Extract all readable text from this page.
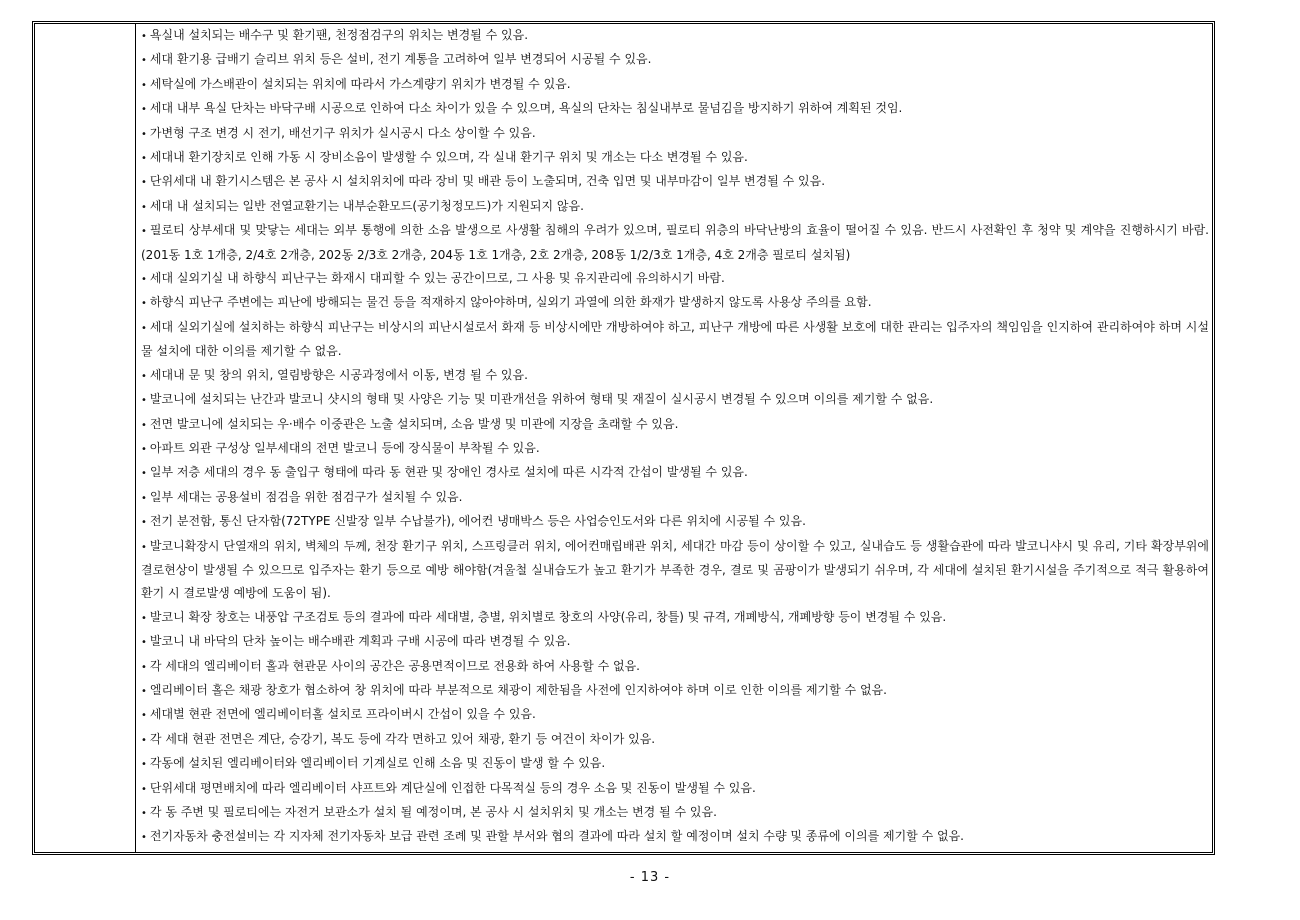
• 욕실내 설치되는 배수구 및 환기팬, 천정점검구의 위치는 변경될 수 있음.
• 세대 환기용 급배기 슬리브 위치 등은 설비, 전기 계통을 고려하여 일부 변경되어 시공될 수 있음.
• 세탁실에 가스배관이 설치되는 위치에 따라서 가스계량기 위치가 변경될 수 있음.
• 세대 내부 욕실 단차는 바닥구배 시공으로 인하여 다소 차이가 있을 수 있으며, 욕실의 단차는 침실내부로 물넘김을 방지하기 위하여 계획된 것임.
• 가변형 구조 변경 시 전기, 배선기구 위치가 실시공시 다소 상이할 수 있음.
• 세대내 환기장치로 인해 가동 시 장비소음이 발생할 수 있으며, 각 실내 환기구 위치 및 개소는 다소 변경될 수 있음.
• 단위세대 내 환기시스템은 본 공사 시 설치위치에 따라 장비 및 배관 등이 노출되며, 건축 입면 및 내부마감이 일부 변경될 수 있음.
• 세대 내 설치되는 일반 전열교환기는 내부순환모드(공기청정모드)가 지원되지 않음.
• 필로티 상부세대 및 맞닿는 세대는 외부 통행에 의한 소음 발생으로 사생활 침해의 우려가 있으며, 필로티 위층의 바닥난방의 효율이 떨어질 수 있음. 반드시 사전확인 후 청약 및 계약을 진행하시기 바람. (201동 1호 1개층, 2/4호 2개층, 202동 2/3호 2개층, 204동 1호 1개층, 2호 2개층, 208동 1/2/3호 1개층, 4호 2개층 필로티 설치됨)
• 세대 실외기실 내 하향식 피난구는 화재시 대피할 수 있는 공간이므로, 그 사용 및 유지관리에 유의하시기 바람.
• 하향식 피난구 주변에는 피난에 방해되는 물건 등을 적재하지 않아야하며, 실외기 과열에 의한 화재가 발생하지 않도록 사용상 주의를 요함.
• 세대 실외기실에 설치하는 하향식 피난구는 비상시의 피난시설로서 화재 등 비상시에만 개방하여야 하고, 피난구 개방에 따른 사생활 보호에 대한 관리는 입주자의 책임임을 인지하여 관리하여야 하며 시설물 설치에 대한 이의를 제기할 수 없음.
• 세대내 문 및 창의 위치, 열림방향은 시공과정에서 이동, 변경 될 수 있음.
• 발코니에 설치되는 난간과 발코니 샷시의 형태 및 사양은 기능 및 미관개선을 위하여 형태 및 재질이 실시공시 변경될 수 있으며 이의를 제기할 수 없음.
• 전면 발코니에 설치되는 우·배수 이중관은 노출 설치되며, 소음 발생 및 미관에 지장을 초래할 수 있음.
• 아파트 외관 구성상 일부세대의 전면 발코니 등에 장식물이 부착될 수 있음.
• 일부 저층 세대의 경우 동 출입구 형태에 따라 동 현관 및 장애인 경사로 설치에 따른 시각적 간섭이 발생될 수 있음.
• 일부 세대는 공용설비 점검을 위한 점검구가 설치될 수 있음.
• 전기 분전함, 통신 단자함(72TYPE 신발장 일부 수납불가), 에어컨 냉매박스 등은 사업승인도서와 다른 위치에 시공될 수 있음.
• 발코니확장시 단열재의 위치, 벽체의 두께, 천장 환기구 위치, 스프링클러 위치, 에어컨매립배관 위치, 세대간 마감 등이 상이할 수 있고, 실내습도 등 생활습관에 따라 발코니샤시 및 유리, 기타 확장부위에 결로현상이 발생될 수 있으므로 입주자는 환기 등으로 예방 해야함(겨울철 실내습도가 높고 환기가 부족한 경우, 결로 및 곰팡이가 발생되기 쉬우며, 각 세대에 설치된 환기시설을 주기적으로 적극 활용하여 환기 시 결로발생 예방에 도움이 됨).
• 발코니 확장 창호는 내풍압 구조검토 등의 결과에 따라 세대별, 층별, 위치별로 창호의 사양(유리, 창틀) 및 규격, 개폐방식, 개폐방향 등이 변경될 수 있음.
• 발코니 내 바닥의 단차 높이는 배수배관 계획과 구배 시공에 따라 변경될 수 있음.
• 각 세대의 엘리베이터 홀과 현관문 사이의 공간은 공용면적이므로 전용화 하여 사용할 수 없음.
• 엘리베이터 홀은 채광 창호가 협소하여 창 위치에 따라 부분적으로 채광이 제한됨을 사전에 인지하여야 하며 이로 인한 이의를 제기할 수 없음.
• 세대별 현관 전면에 엘리베이터홀 설치로 프라이버시 간섭이 있을 수 있음.
• 각 세대 현관 전면은 계단, 승강기, 복도 등에 각각 면하고 있어 채광, 환기 등 여건이 차이가 있음.
• 각동에 설치된 엘리베이터와 엘리베이터 기계실로 인해 소음 및 진동이 발생 할 수 있음.
• 단위세대 평면배치에 따라 엘리베이터 샤프트와 계단실에 인접한 다목적실 등의 경우 소음 및 진동이 발생될 수 있음.
• 각 동 주변 및 필로티에는 자전거 보관소가 설치 될 예정이며, 본 공사 시 설치위치 및 개소는 변경 될 수 있음.
• 전기자동차 충전설비는 각 지자체 전기자동차 보급 관련 조례 및 관할 부서와 협의 결과에 따라 설치 할 예정이며 설치 수량 및 종류에 이의를 제기할 수 없음.
- 13 -
